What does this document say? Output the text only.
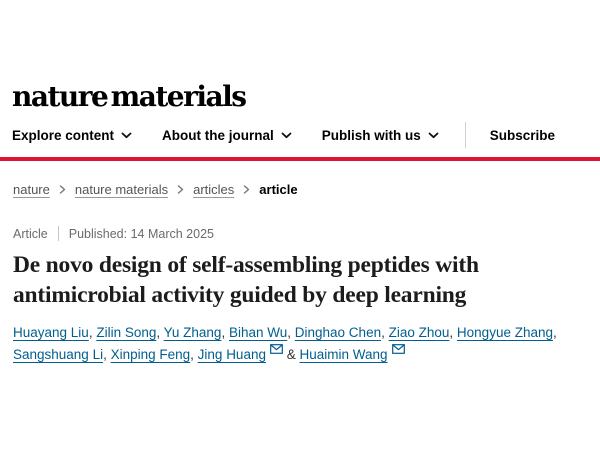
nature materials
Explore content	About the journal	Publish with us	Subscribe
nature nature materials articles article
Article Published: 14 March 2025
De novo design of self-assembling peptides with antimicrobial activity guided by deep learning
Huayang Liu, Zilin Song, Yu Zhang, Bihan Wu, Dinghao Chen, Ziao Zhou, Hongyue Zhang, Sangshuang Li, Xinping Feng, Jing Huang
& Huaimin Wang
